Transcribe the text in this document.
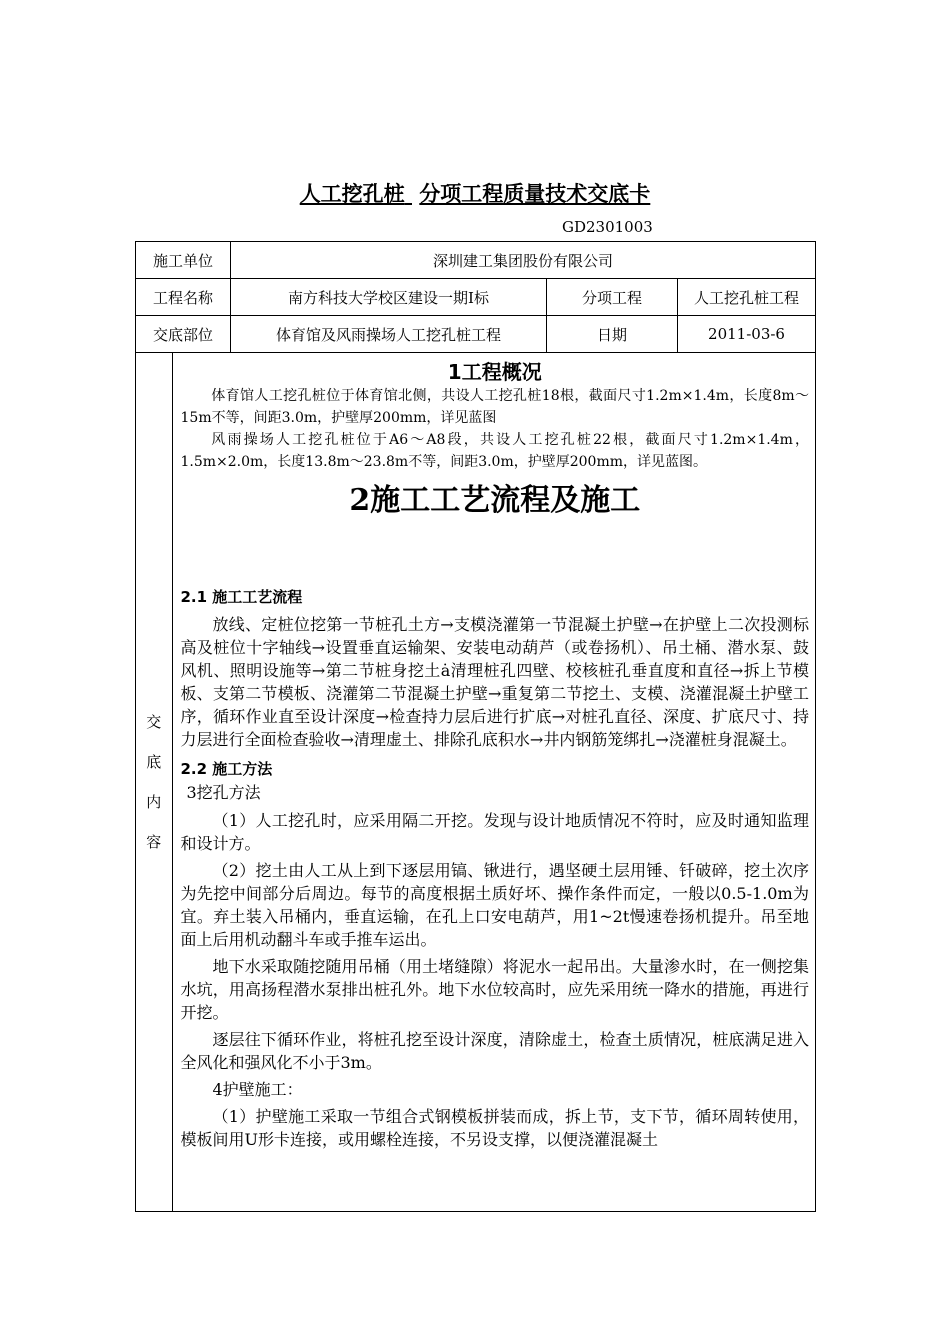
人工挖孔桩 分项工程质量技术交底卡
GD2301003
施工单位	深圳建工集团股份有限公司
工程名称	南方科技大学校区建设一期Ⅰ标	分项工程	人工挖孔桩工程
交底部位	体育馆及风雨操场人工挖孔桩工程	日期	2011-03-6

交
底
内
容

1工程概况

体育馆人工挖孔桩位于体育馆北侧，共设人工挖孔桩18根，截面尺寸1.2m×1.4m，长度8m～15m不等，间距3.0m，护壁厚200mm，详见蓝图

风雨操场人工挖孔桩位于A6～A8段，共设人工挖孔桩22根，截面尺寸1.2m×1.4m，1.5m×2.0m，长度13.8m～23.8m不等，间距3.0m，护壁厚200mm，详见蓝图。

2施工工艺流程及施工

2.1 施工工艺流程

放线、定桩位挖第一节桩孔土方→支模浇灌第一节混凝土护壁→在护壁上二次投测标高及桩位十字轴线→设置垂直运输架、安装电动葫芦（或卷扬机）、吊土桶、潜水泵、鼓风机、照明设施等→第二节桩身挖土ȧ清理桩孔四壁、校核桩孔垂直度和直径→拆上节模板、支第二节模板、浇灌第二节混凝土护壁→重复第二节挖土、支模、浇灌混凝土护壁工序，循环作业直至设计深度→检查持力层后进行扩底→对桩孔直径、深度、扩底尺寸、持力层进行全面检查验收→清理虚土、排除孔底积水→井内钢筋笼绑扎→浇灌桩身混凝土。

2.2 施工方法

3挖孔方法

（1）人工挖孔时，应采用隔二开挖。发现与设计地质情况不符时，应及时通知监理和设计方。

（2）挖土由人工从上到下逐层用镐、锹进行，遇坚硬土层用锤、钎破碎，挖土次序为先挖中间部分后周边。每节的高度根据土质好坏、操作条件而定，一般以0.5-1.0m为宜。弃土装入吊桶内，垂直运输，在孔上口安电葫芦，用1~2t慢速卷扬机提升。吊至地面上后用机动翻斗车或手推车运出。

地下水采取随挖随用吊桶（用土堵缝隙）将泥水一起吊出。大量渗水时，在一侧挖集水坑，用高扬程潜水泵排出桩孔外。地下水位较高时，应先采用统一降水的措施，再进行开挖。

逐层往下循环作业，将桩孔挖至设计深度，清除虚土，检查土质情况，桩底满足进入全风化和强风化不小于3m。

4护壁施工：

（1）护壁施工采取一节组合式钢模板拼装而成，拆上节，支下节，循环周转使用，模板间用U形卡连接，或用螺栓连接，不另设支撑，以便浇灌混凝土
